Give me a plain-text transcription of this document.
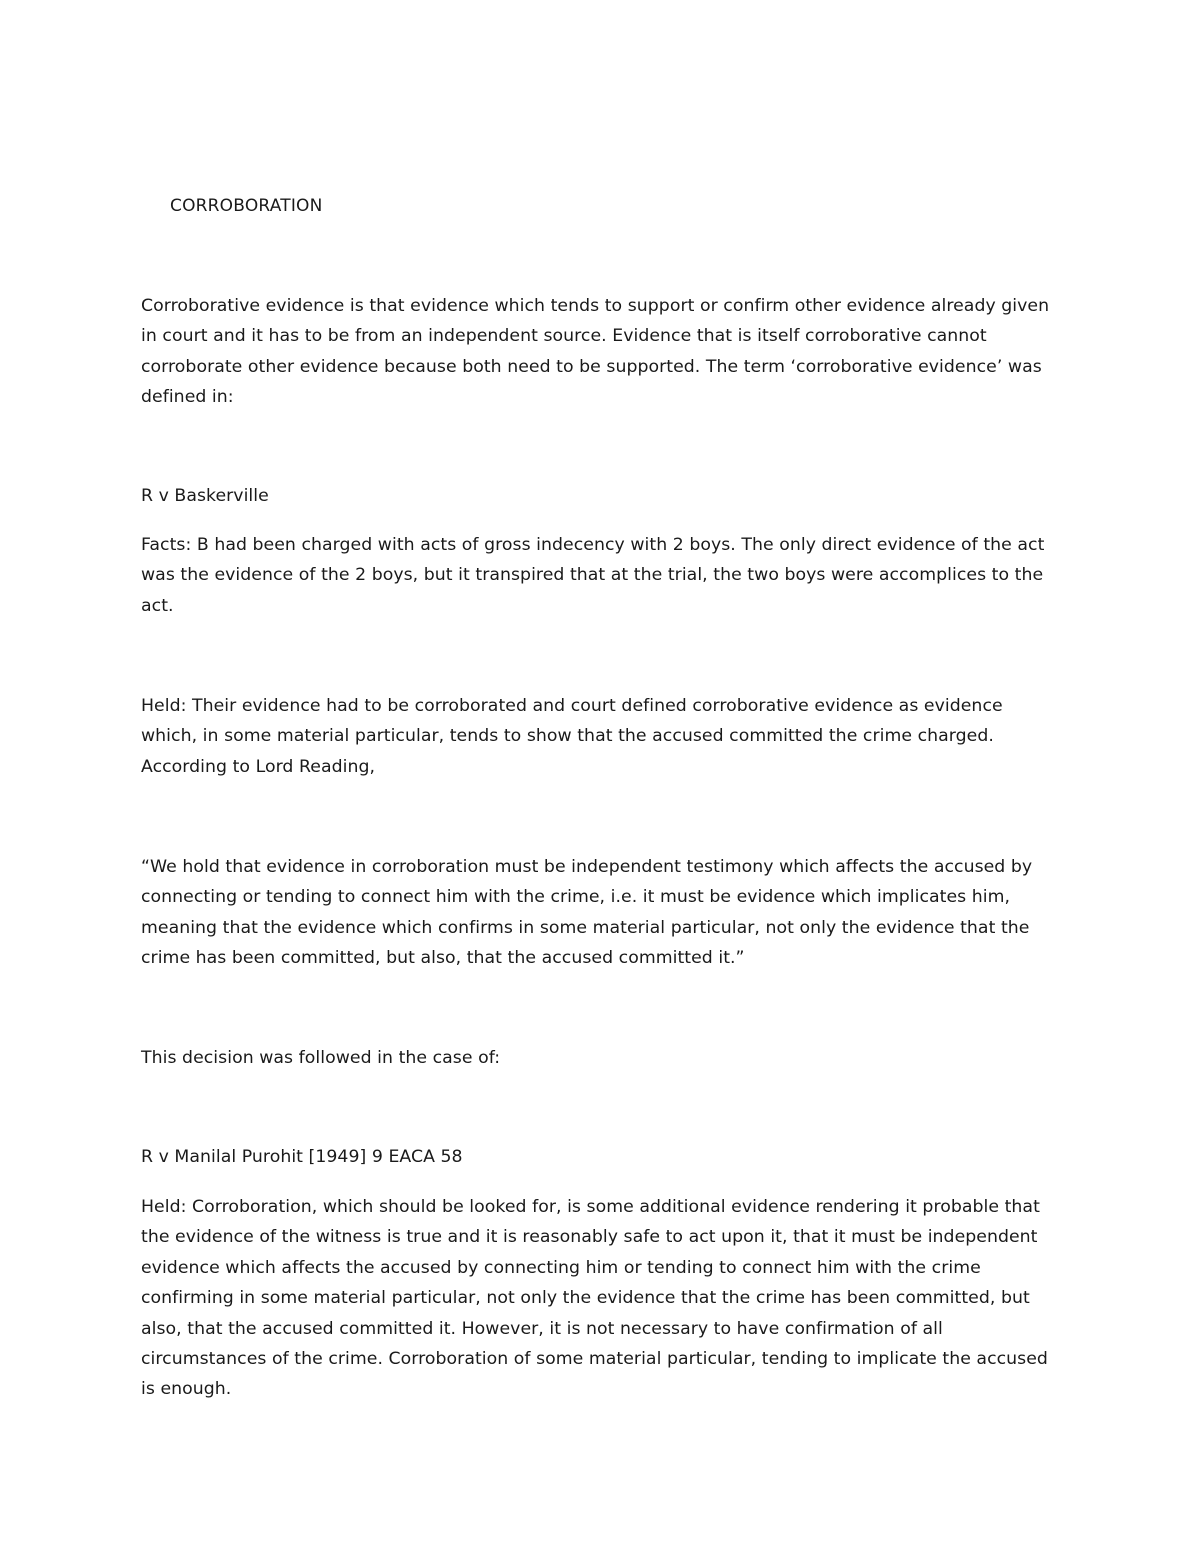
CORROBORATION

Corroborative evidence is that evidence which tends to support or confirm other evidence already given in court and it has to be from an independent source. Evidence that is itself corroborative cannot corroborate other evidence because both need to be supported. The term ‘corroborative evidence’ was defined in:

R v Baskerville

Facts: B had been charged with acts of gross indecency with 2 boys. The only direct evidence of the act was the evidence of the 2 boys, but it transpired that at the trial, the two boys were accomplices to the act.

Held: Their evidence had to be corroborated and court defined corroborative evidence as evidence which, in some material particular, tends to show that the accused committed the crime charged. According to Lord Reading,

“We hold that evidence in corroboration must be independent testimony which affects the accused by connecting or tending to connect him with the crime, i.e. it must be evidence which implicates him, meaning that the evidence which confirms in some material particular, not only the evidence that the crime has been committed, but also, that the accused committed it.”

This decision was followed in the case of:

R v Manilal Purohit [1949] 9 EACA 58

Held: Corroboration, which should be looked for, is some additional evidence rendering it probable that the evidence of the witness is true and it is reasonably safe to act upon it, that it must be independent evidence which affects the accused by connecting him or tending to connect him with the crime confirming in some material particular, not only the evidence that the crime has been committed, but also, that the accused committed it. However, it is not necessary to have confirmation of all circumstances of the crime. Corroboration of some material particular, tending to implicate the accused is enough.
